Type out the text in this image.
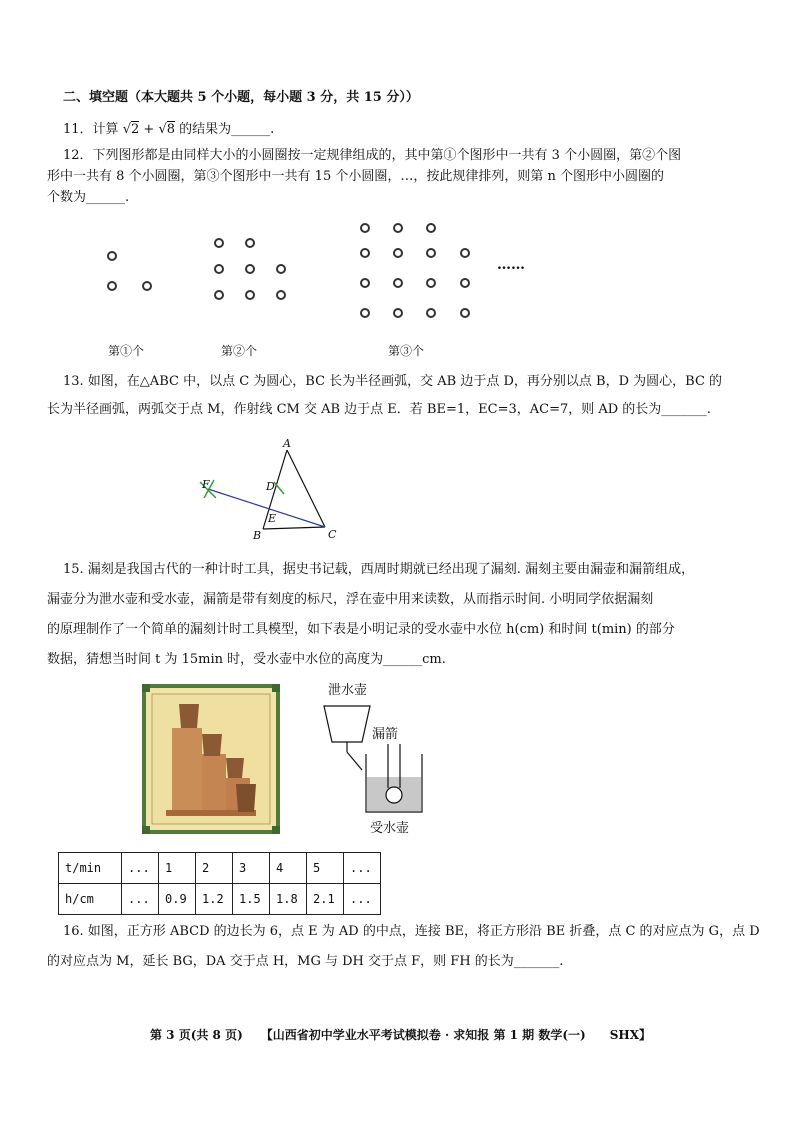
二、填空题（本大题共 5 个小题，每小题 3 分，共 15 分））
11．计算 √2 + √8 的结果为______.
12．下列图形都是由同样大小的小圆圈按一定规律组成的，其中第①个图形中一共有 3 个小圆圈，第②个图
形中一共有 8 个小圆圈，第③个图形中一共有 15 个小圆圈，…，按此规律排列，则第 n 个图形中小圆圈的
个数为______.
……
第①个	第②个	第③个
13. 如图，在△ABC 中，以点 C 为圆心，BC 长为半径画弧，交 AB 边于点 D，再分别以点 B，D 为圆心，BC 的
长为半径画弧，两弧交于点 M，作射线 CM 交 AB 边于点 E．若 BE=1，EC=3，AC=7，则 AD 的长为_______.
A
B	C
D
E
F
15. 漏刻是我国古代的一种计时工具，据史书记载，西周时期就已经出现了漏刻. 漏刻主要由漏壶和漏箭组成，
漏壶分为泄水壶和受水壶，漏箭是带有刻度的标尺，浮在壶中用来读数，从而指示时间. 小明同学依据漏刻
的原理制作了一个简单的漏刻计时工具模型，如下表是小明记录的受水壶中水位 h(cm) 和时间 t(min) 的部分
数据，猜想当时间 t 为 15min 时，受水壶中水位的高度为______cm.
泄水壶
漏箭
受水壶
t/min	...	1	2	3	4	5	...
h/cm	...	0.9	1.2	1.5	1.8	2.1	...
16. 如图，正方形 ABCD 的边长为 6，点 E 为 AD 的中点，连接 BE，将正方形沿 BE 折叠，点 C 的对应点为 G，点 D
的对应点为 M，延长 BG，DA 交于点 H，MG 与 DH 交于点 F，则 FH 的长为_______.
第 3 页(共 8 页)　　【山西省初中学业水平考试模拟卷 · 求知报 第 1 期 数学(一)　　SHX】
